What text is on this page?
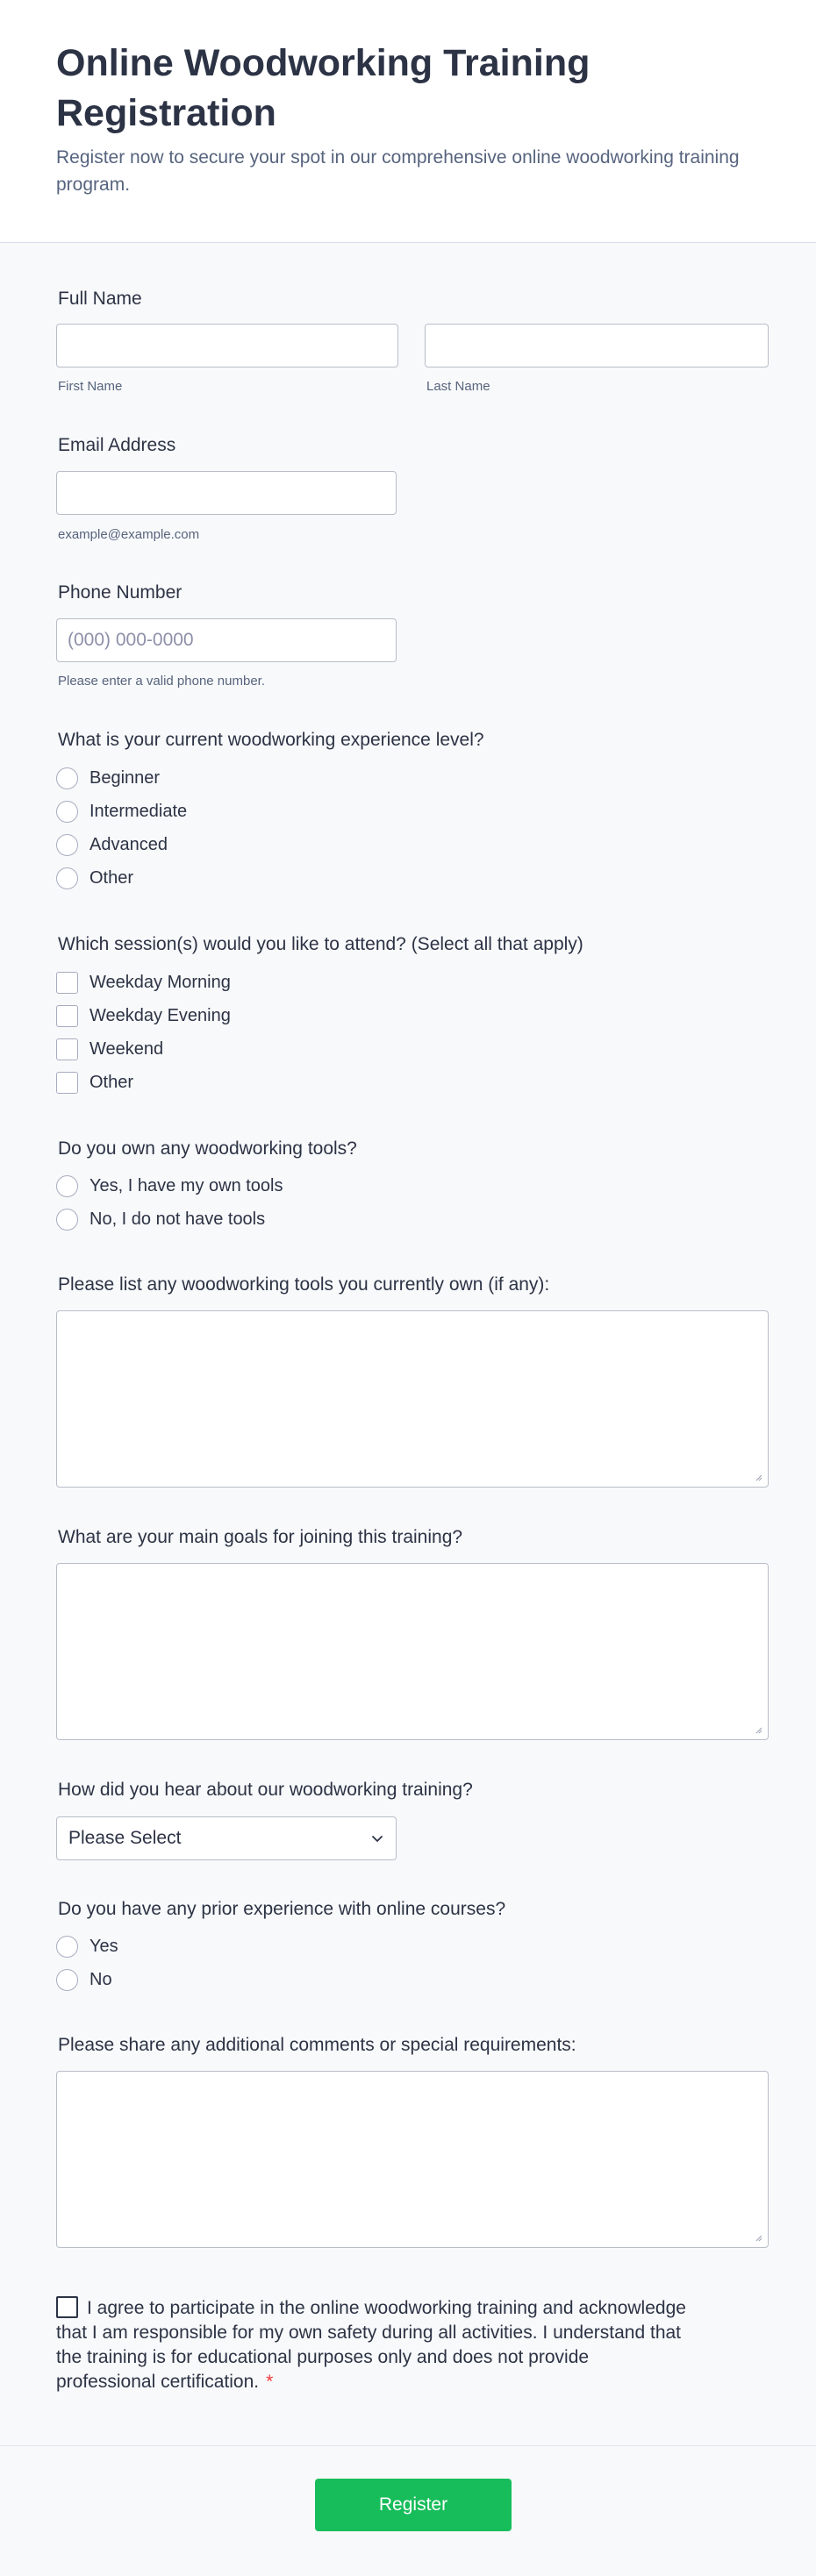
Online Woodworking Training Registration

Register now to secure your spot in our comprehensive online woodworking training program.

Full Name
First Name	Last Name
Email Address
example@example.com
Phone Number
(000) 000-0000
Please enter a valid phone number.
What is your current woodworking experience level?
Beginner
Intermediate
Advanced
Other
Which session(s) would you like to attend? (Select all that apply)
Weekday Morning
Weekday Evening
Weekend
Other
Do you own any woodworking tools?
Yes, I have my own tools
No, I do not have tools
Please list any woodworking tools you currently own (if any):
What are your main goals for joining this training?
How did you hear about our woodworking training?
Please Select
Do you have any prior experience with online courses?
Yes
No
Please share any additional comments or special requirements:
I agree to participate in the online woodworking training and acknowledge that I am responsible for my own safety during all activities. I understand that the training is for educational purposes only and does not provide professional certification. *
Register
